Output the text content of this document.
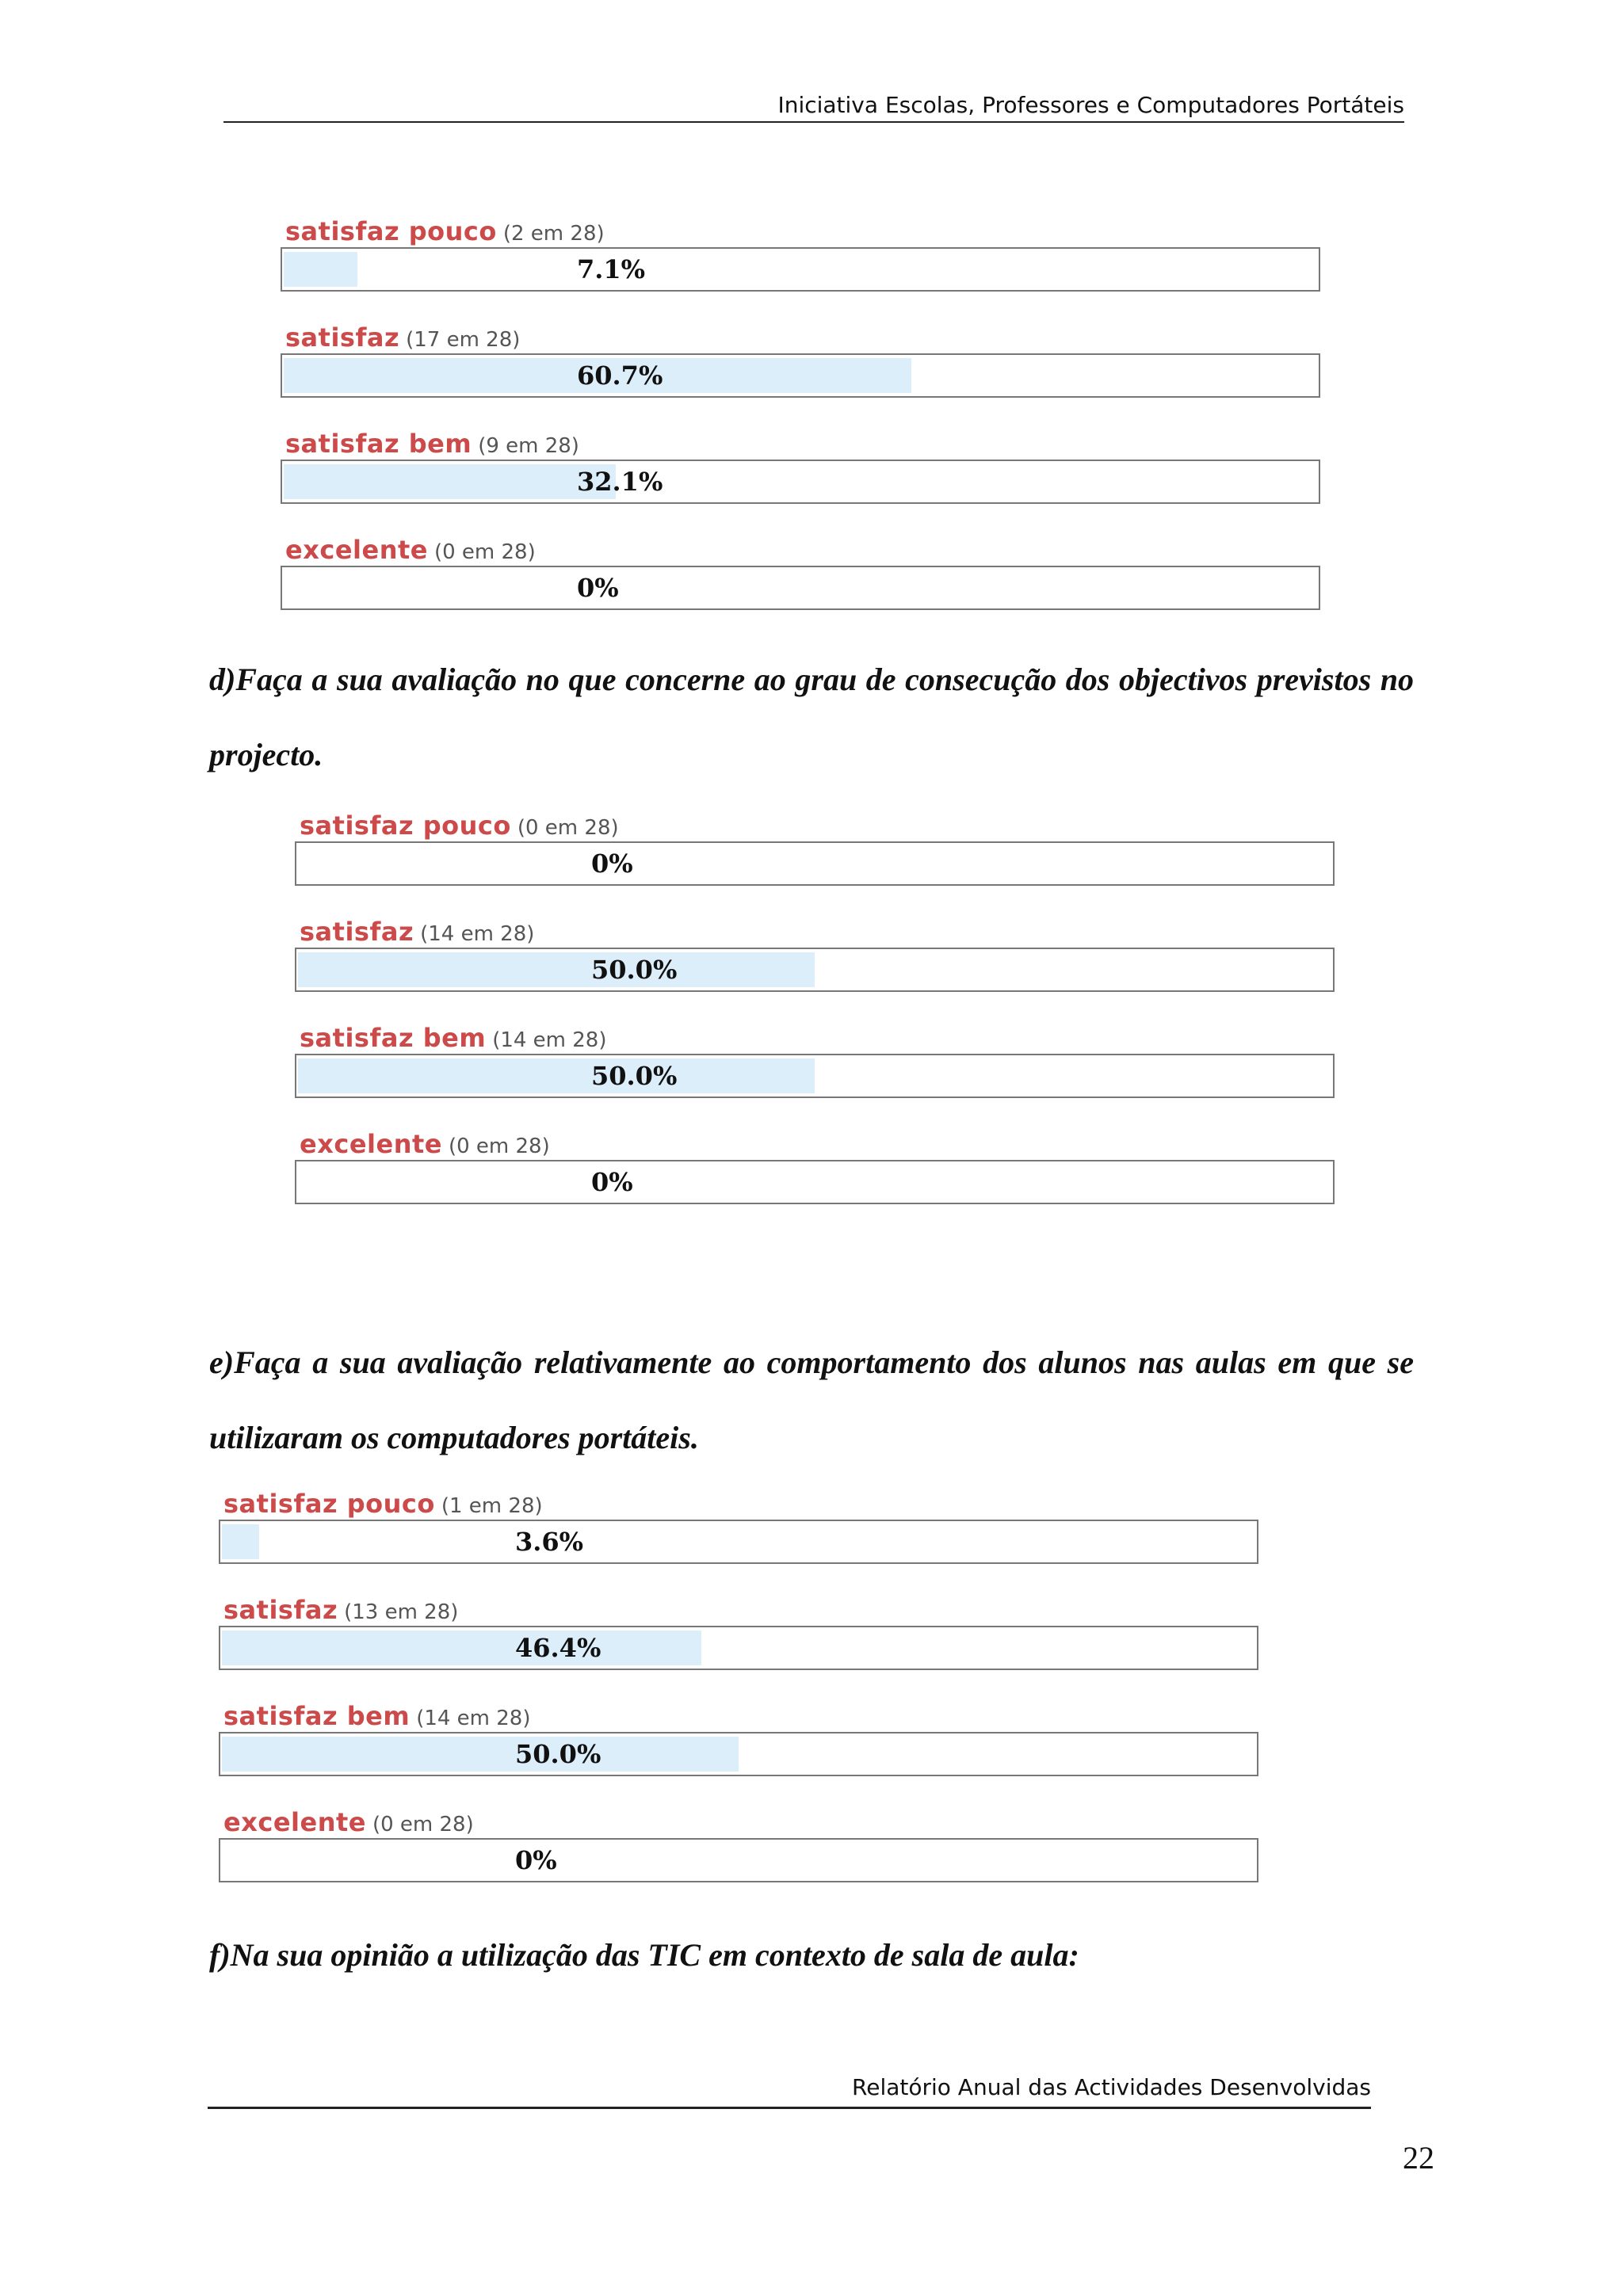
Iniciativa Escolas, Professores e Computadores Portáteis
satisfaz pouco (2 em 28)
7.1%
satisfaz (17 em 28)
60.7%
satisfaz bem (9 em 28)
32.1%
excelente (0 em 28)
0%
d)Faça a sua avaliação no que concerne ao grau de consecução dos objectivos previstos no projecto.
satisfaz pouco (0 em 28)
0%
satisfaz (14 em 28)
50.0%
satisfaz bem (14 em 28)
50.0%
excelente (0 em 28)
0%
e)Faça a sua avaliação relativamente ao comportamento dos alunos nas aulas em que se utilizaram os computadores portáteis.
satisfaz pouco (1 em 28)
3.6%
satisfaz (13 em 28)
46.4%
satisfaz bem (14 em 28)
50.0%
excelente (0 em 28)
0%
f)Na sua opinião a utilização das TIC em contexto de sala de aula:
Relatório Anual das Actividades Desenvolvidas
22
